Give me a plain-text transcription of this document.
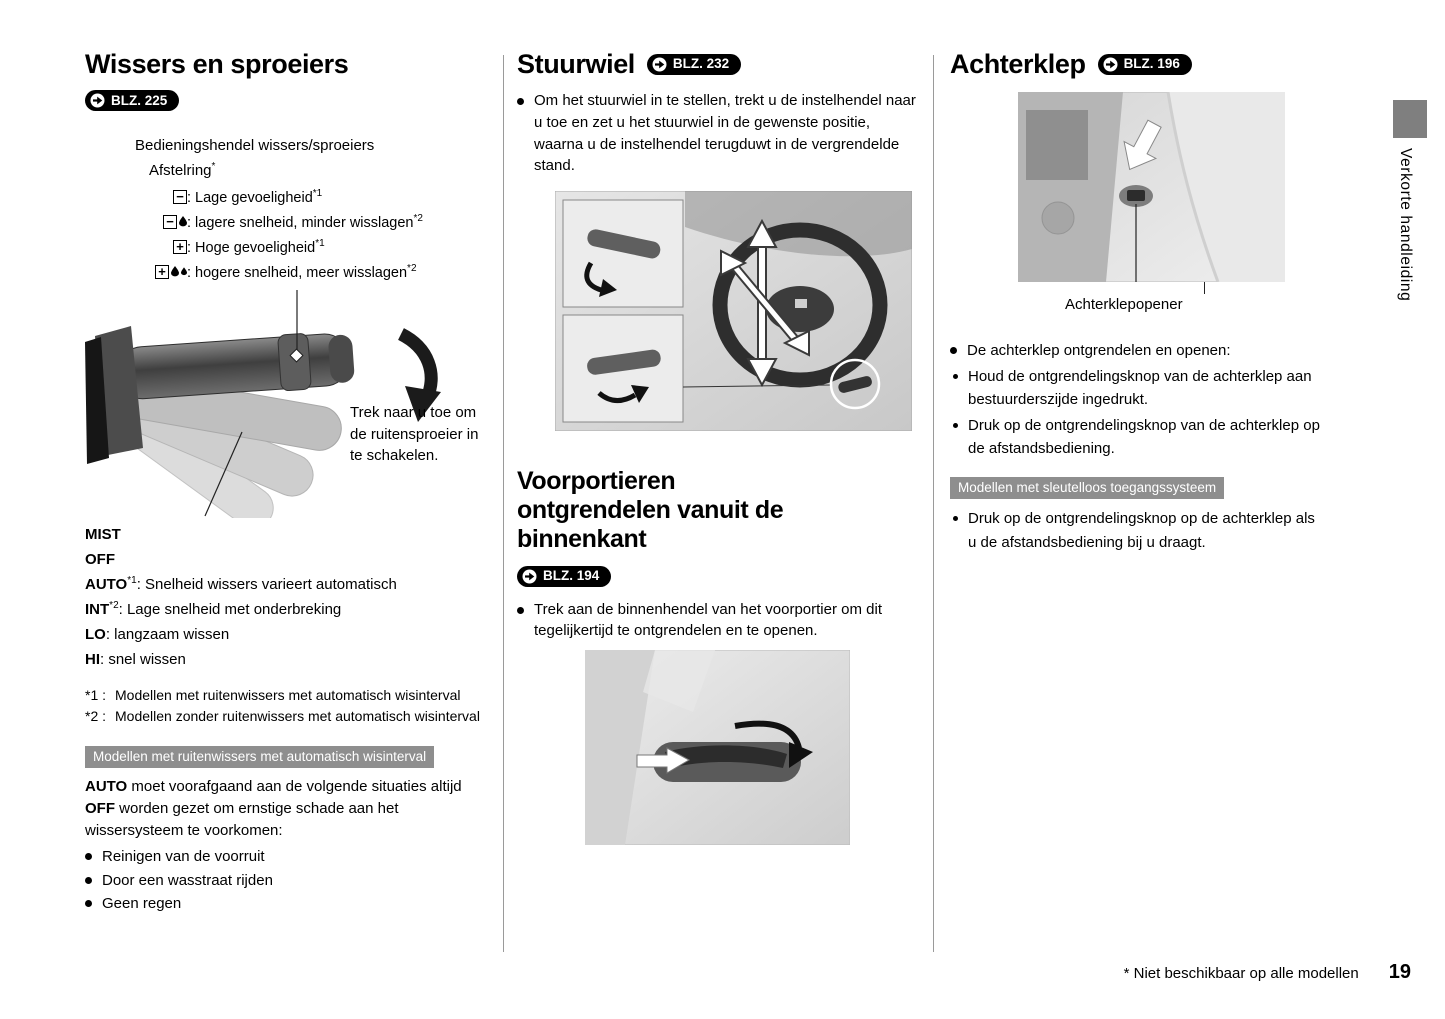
Wissers en sproeiers
BLZ. 225
Bedieningshendel wissers/sproeiers
Afstelring*
− : Lage gevoeligheid$^{*1}$
− : lagere snelheid, minder wisslagen$^{*2}$
+ : Hoge gevoeligheid$^{*1}$
+ : hogere snelheid, meer wisslagen$^{*2}$
Trek naar u toe om de ruitensproeier in te schakelen.
MIST
OFF
AUTO$^{*1}$: Snelheid wissers varieert automatisch
INT$^{*2}$: Lage snelheid met onderbreking
LO: langzaam wissen
HI: snel wissen
*1 : Modellen met ruitenwissers met automatisch wisinterval
*2 : Modellen zonder ruitenwissers met automatisch wisinterval
Modellen met ruitenwissers met automatisch wisinterval

AUTO moet voorafgaand aan de volgende situaties altijd OFF worden gezet om ernstige schade aan het wissersysteem te voorkomen:

Reinigen van de voorruit
Door een wasstraat rijden
Geen regen
Stuurwiel	BLZ. 232

Om het stuurwiel in te stellen, trekt u de instelhendel naar u toe en zet u het stuurwiel in de gewenste positie, waarna u de instelhendel terugduwt in de vergrendelde stand.

Voorportieren
ontgrendelen vanuit de
binnenkant
BLZ. 194

Trek aan de binnenhendel van het voorportier om dit tegelijkertijd te ontgrendelen en te openen.

Achterklep	BLZ. 196
Achterklepopener
De achterklep ontgrendelen en openen:
Houd de ontgrendelingsknop van de achterklep aan bestuurderszijde ingedrukt.
Druk op de ontgrendelingsknop van de achterklep op de afstandsbediening.
Modellen met sleutelloos toegangssysteem
Druk op de ontgrendelingsknop op de achterklep als u de afstandsbediening bij u draagt.
Verkorte handleiding
* Niet beschikbaar op alle modellen 19
